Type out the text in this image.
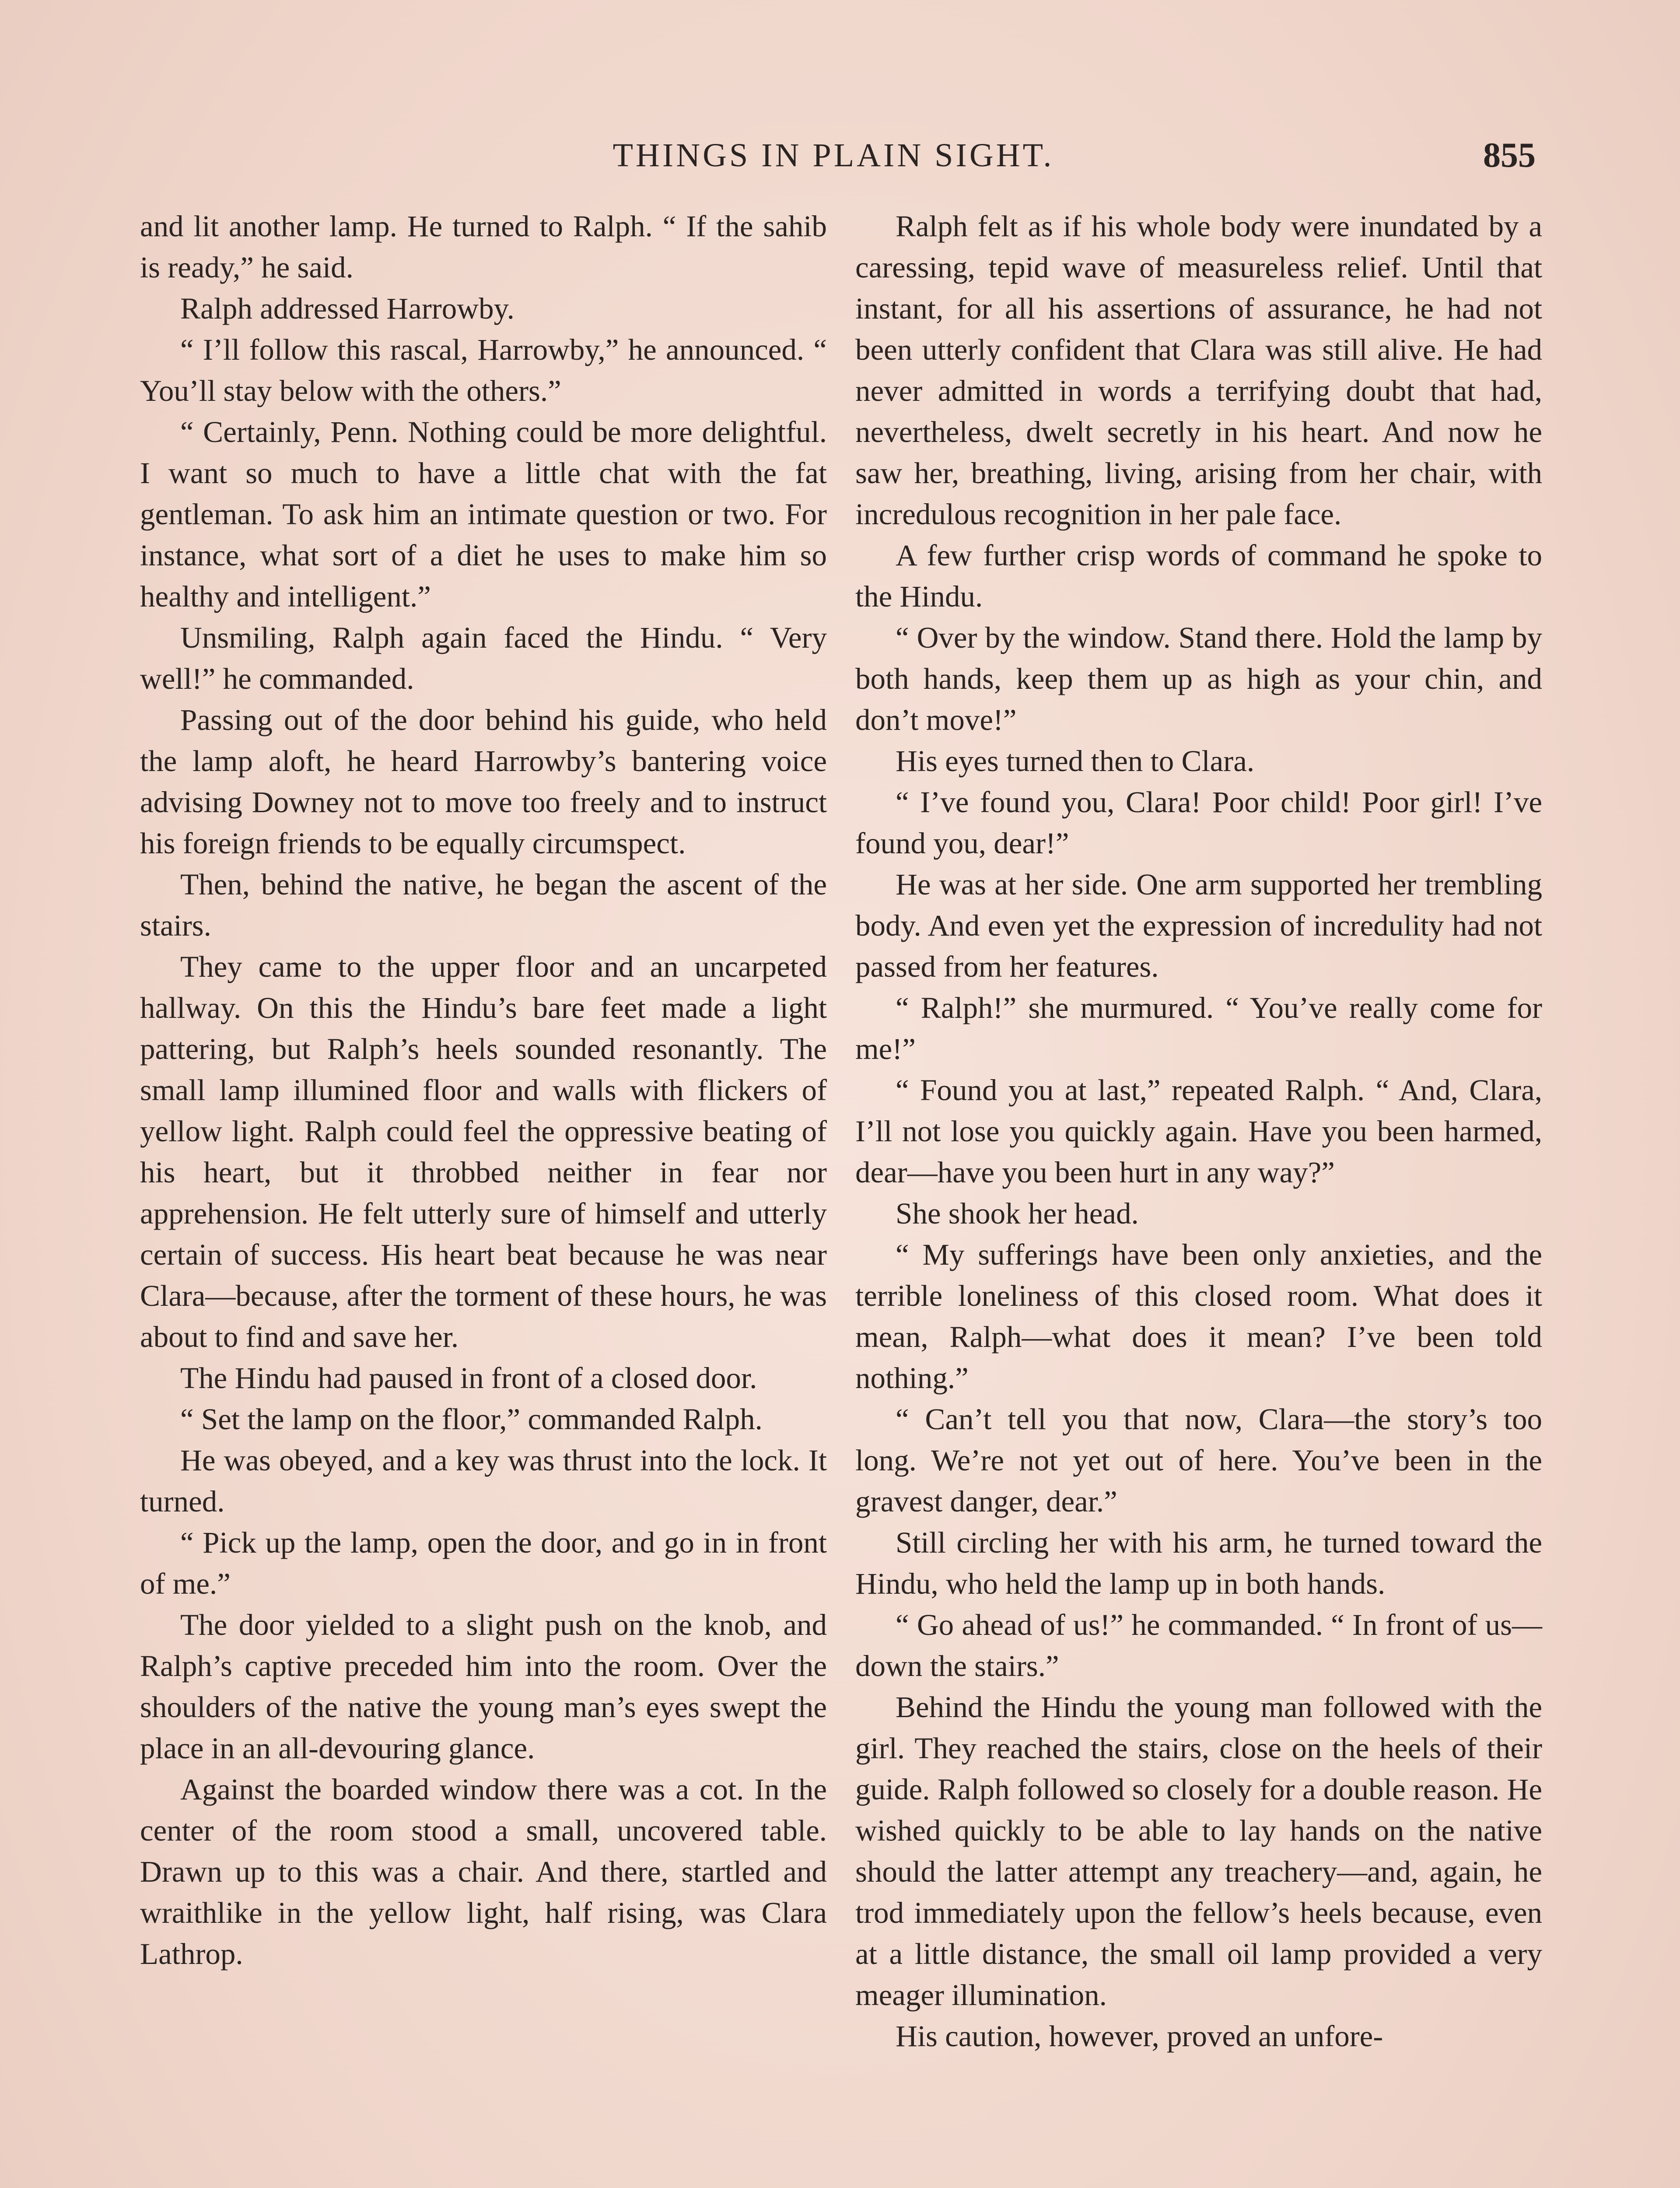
THINGS IN PLAIN SIGHT.	855

and lit another lamp. He turned to Ralph. “ If the sahib is ready,” he said.

Ralph addressed Harrowby.

“ I’ll follow this rascal, Harrowby,” he announced. “ You’ll stay below with the others.”

“ Certainly, Penn. Nothing could be more delightful. I want so much to have a little chat with the fat gentleman. To ask him an intimate question or two. For instance, what sort of a diet he uses to make him so healthy and intelligent.”

Unsmiling, Ralph again faced the Hindu. “ Very well!” he commanded.

Passing out of the door behind his guide, who held the lamp aloft, he heard Harrowby’s bantering voice advising Downey not to move too freely and to instruct his foreign friends to be equally circumspect.

Then, behind the native, he began the ascent of the stairs.

They came to the upper floor and an uncarpeted hallway. On this the Hindu’s bare feet made a light pattering, but Ralph’s heels sounded resonantly. The small lamp illumined floor and walls with flickers of yellow light. Ralph could feel the oppressive beating of his heart, but it throbbed neither in fear nor apprehension. He felt utterly sure of himself and utterly certain of success. His heart beat because he was near Clara—because, after the torment of these hours, he was about to find and save her.

The Hindu had paused in front of a closed door.

“ Set the lamp on the floor,” commanded Ralph.

He was obeyed, and a key was thrust into the lock. It turned.

“ Pick up the lamp, open the door, and go in in front of me.”

The door yielded to a slight push on the knob, and Ralph’s captive preceded him into the room. Over the shoulders of the native the young man’s eyes swept the place in an all-devouring glance.

Against the boarded window there was a cot. In the center of the room stood a small, uncovered table. Drawn up to this was a chair. And there, startled and wraithlike in the yellow light, half rising, was Clara Lathrop.

Ralph felt as if his whole body were inundated by a caressing, tepid wave of measureless relief. Until that instant, for all his assertions of assurance, he had not been utterly confident that Clara was still alive. He had never admitted in words a terrifying doubt that had, nevertheless, dwelt secretly in his heart. And now he saw her, breathing, living, arising from her chair, with incredulous recognition in her pale face.

A few further crisp words of command he spoke to the Hindu.

“ Over by the window. Stand there. Hold the lamp by both hands, keep them up as high as your chin, and don’t move!”

His eyes turned then to Clara.

“ I’ve found you, Clara! Poor child! Poor girl! I’ve found you, dear!”

He was at her side. One arm supported her trembling body. And even yet the expression of incredulity had not passed from her features.

“ Ralph!” she murmured. “ You’ve really come for me!”

“ Found you at last,” repeated Ralph. “ And, Clara, I’ll not lose you quickly again. Have you been harmed, dear—have you been hurt in any way?”

She shook her head.

“ My sufferings have been only anxieties, and the terrible loneliness of this closed room. What does it mean, Ralph—what does it mean? I’ve been told nothing.”

“ Can’t tell you that now, Clara—the story’s too long. We’re not yet out of here. You’ve been in the gravest danger, dear.”

Still circling her with his arm, he turned toward the Hindu, who held the lamp up in both hands.

“ Go ahead of us!” he commanded. “ In front of us—down the stairs.”

Behind the Hindu the young man followed with the girl. They reached the stairs, close on the heels of their guide. Ralph followed so closely for a double reason. He wished quickly to be able to lay hands on the native should the latter attempt any treachery—and, again, he trod immediately upon the fellow’s heels because, even at a little distance, the small oil lamp provided a very meager illumination.

His caution, however, proved an unfore-
